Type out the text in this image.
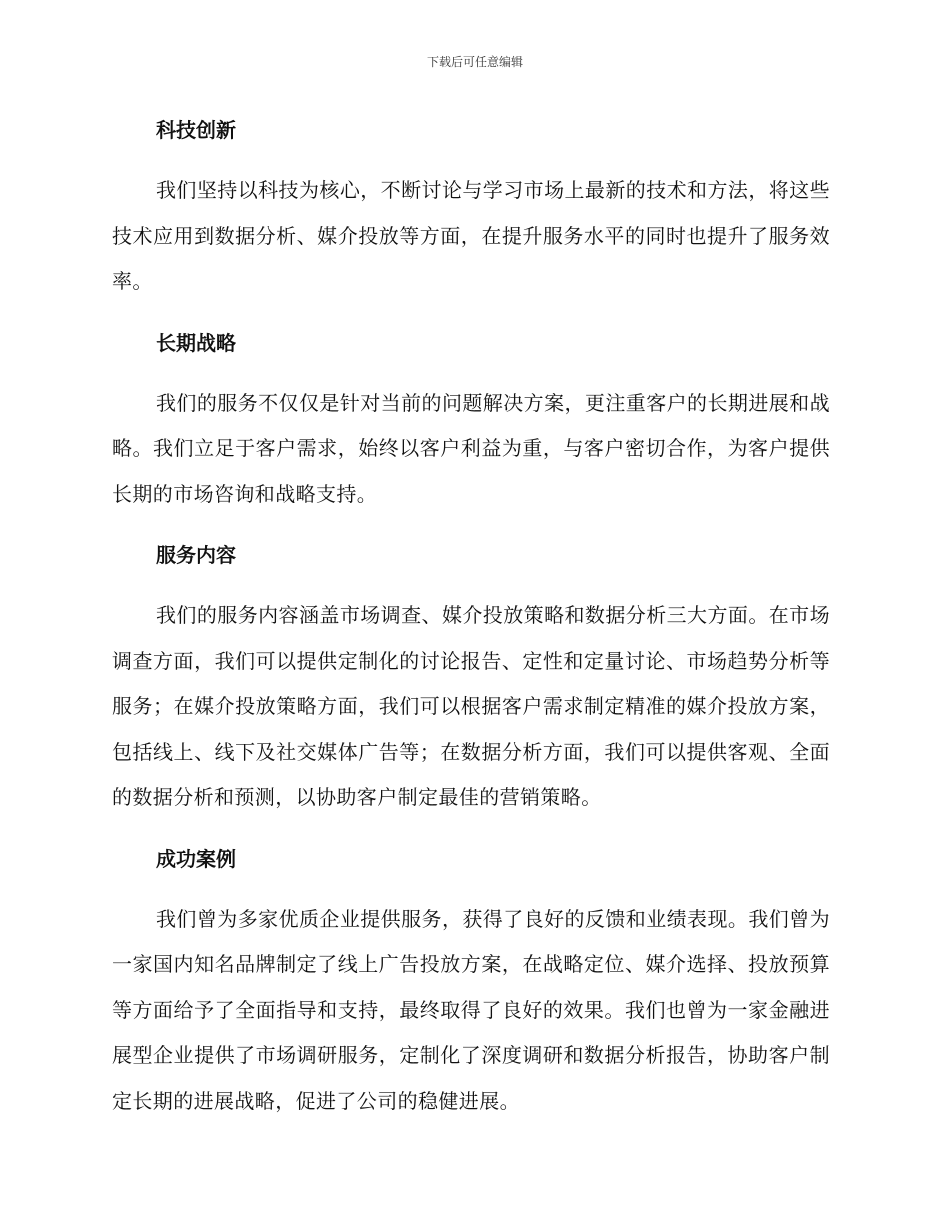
下载后可任意编辑
科技创新

我们坚持以科技为核心，不断讨论与学习市场上最新的技术和方法，将这些技术应用到数据分析、媒介投放等方面，在提升服务水平的同时也提升了服务效率。

长期战略

我们的服务不仅仅是针对当前的问题解决方案，更注重客户的长期进展和战略。我们立足于客户需求，始终以客户利益为重，与客户密切合作，为客户提供长期的市场咨询和战略支持。

服务内容

我们的服务内容涵盖市场调查、媒介投放策略和数据分析三大方面。在市场调查方面，我们可以提供定制化的讨论报告、定性和定量讨论、市场趋势分析等服务；在媒介投放策略方面，我们可以根据客户需求制定精准的媒介投放方案，包括线上、线下及社交媒体广告等；在数据分析方面，我们可以提供客观、全面的数据分析和预测，以协助客户制定最佳的营销策略。

成功案例

我们曾为多家优质企业提供服务，获得了良好的反馈和业绩表现。我们曾为一家国内知名品牌制定了线上广告投放方案，在战略定位、媒介选择、投放预算等方面给予了全面指导和支持，最终取得了良好的效果。我们也曾为一家金融进展型企业提供了市场调研服务，定制化了深度调研和数据分析报告，协助客户制定长期的进展战略，促进了公司的稳健进展。
